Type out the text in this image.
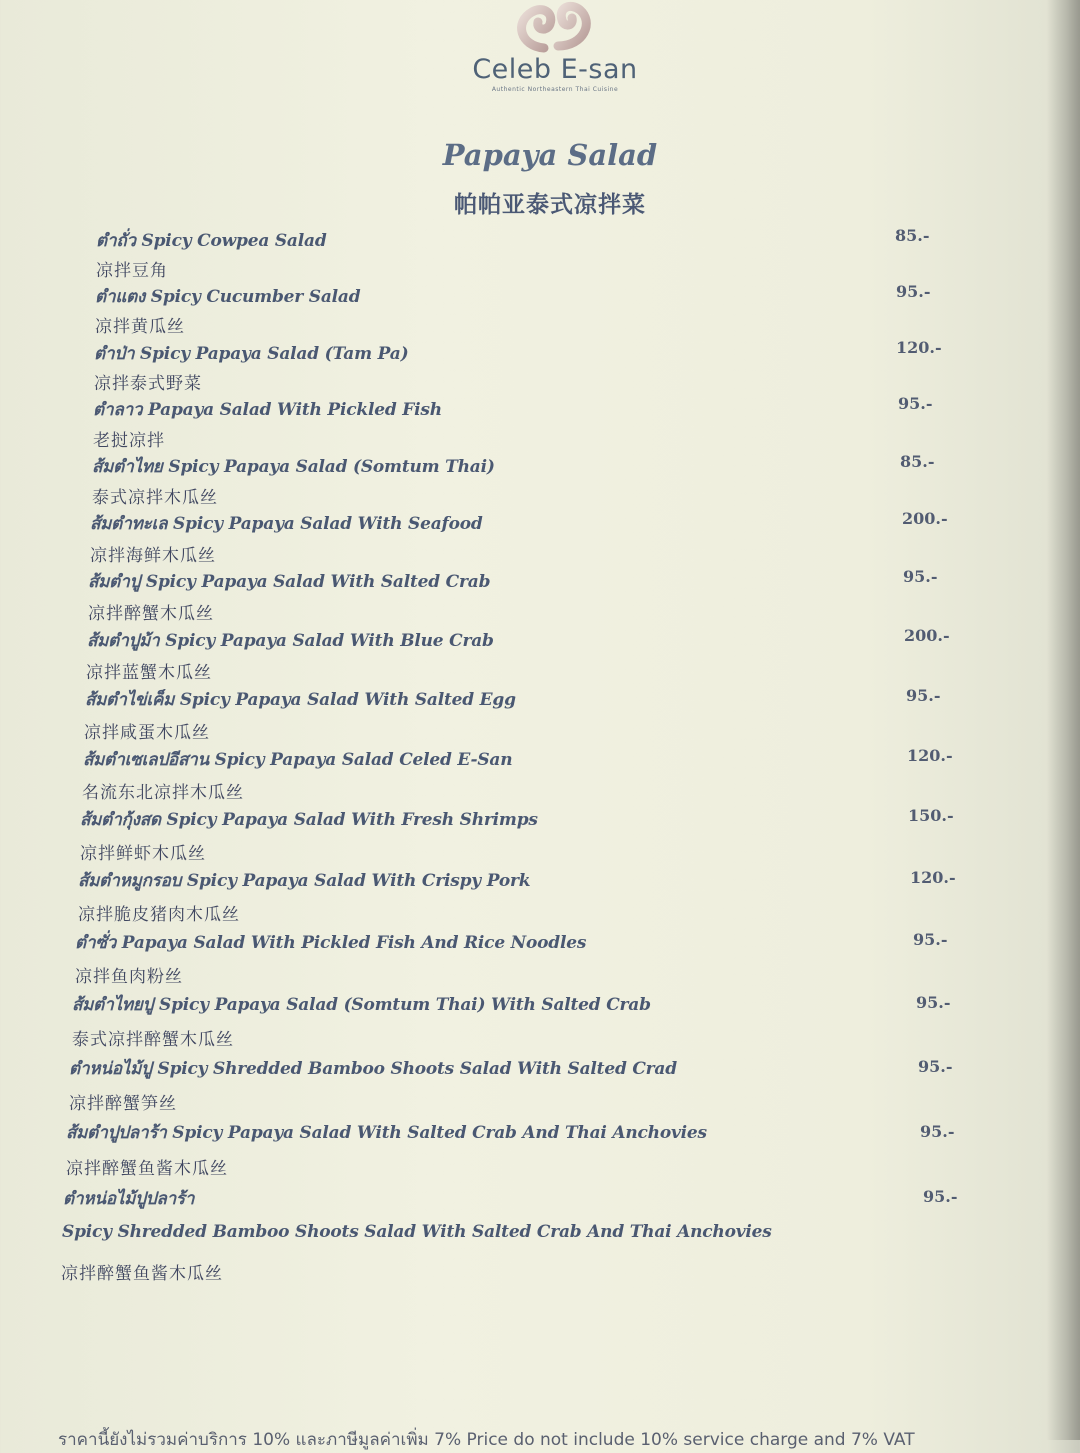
Celeb E-san
Authentic Northeastern Thai Cuisine
Papaya Salad
帕帕亚泰式凉拌菜
ตำถั่ว Spicy Cowpea Salad	85.-
凉拌豆角
ตำแตง Spicy Cucumber Salad	95.-
凉拌黄瓜丝
ตำป่า Spicy Papaya Salad (Tam Pa)	120.-
凉拌泰式野菜
ตำลาว Papaya Salad With Pickled Fish	95.-
老挝凉拌
ส้มตำไทย Spicy Papaya Salad (Somtum Thai)	85.-
泰式凉拌木瓜丝
ส้มตำทะเล Spicy Papaya Salad With Seafood	200.-
凉拌海鲜木瓜丝
ส้มตำปู Spicy Papaya Salad With Salted Crab	95.-
凉拌醉蟹木瓜丝
ส้มตำปูม้า Spicy Papaya Salad With Blue Crab	200.-
凉拌蓝蟹木瓜丝
ส้มตำไข่เค็ม Spicy Papaya Salad With Salted Egg	95.-
凉拌咸蛋木瓜丝
ส้มตำเซเลปอีสาน Spicy Papaya Salad Celed E-San	120.-
名流东北凉拌木瓜丝
ส้มตำกุ้งสด Spicy Papaya Salad With Fresh Shrimps	150.-
凉拌鲜虾木瓜丝
ส้มตำหมูกรอบ Spicy Papaya Salad With Crispy Pork	120.-
凉拌脆皮猪肉木瓜丝
ตำซั่ว Papaya Salad With Pickled Fish And Rice Noodles	95.-
凉拌鱼肉粉丝
ส้มตำไทยปู Spicy Papaya Salad (Somtum Thai) With Salted Crab	95.-
泰式凉拌醉蟹木瓜丝
ตำหน่อไม้ปู Spicy Shredded Bamboo Shoots Salad With Salted Crad	95.-
凉拌醉蟹笋丝
ส้มตำปูปลาร้า Spicy Papaya Salad With Salted Crab And Thai Anchovies	95.-
凉拌醉蟹鱼酱木瓜丝
ตำหน่อไม้ปูปลาร้า	95.-
Spicy Shredded Bamboo Shoots Salad With Salted Crab And Thai Anchovies
凉拌醉蟹鱼酱木瓜丝
ราคานี้ยังไม่รวมค่าบริการ 10% และภาษีมูลค่าเพิ่ม 7% Price do not include 10% service charge and 7% VAT
